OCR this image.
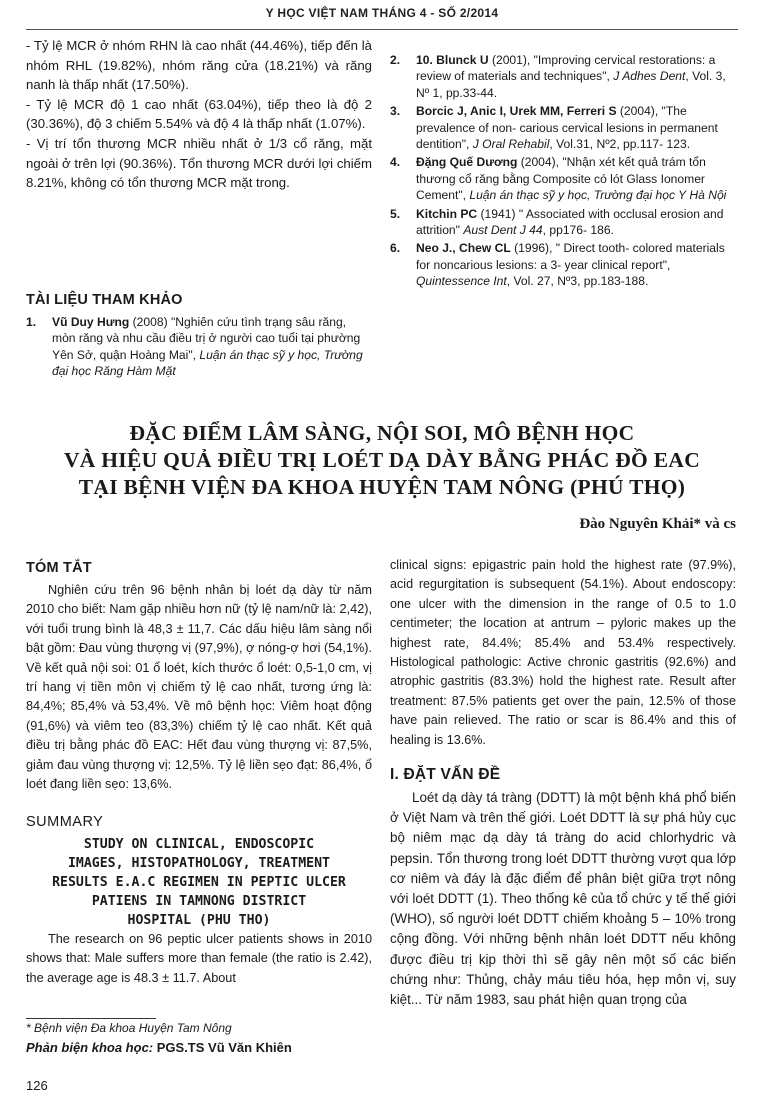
Y HỌC VIỆT NAM THÁNG 4 - SỐ 2/2014

- Tỷ lệ MCR ở nhóm RHN là cao nhất (44.46%), tiếp đến là nhóm RHL (19.82%), nhóm răng cửa (18.21%) và răng nanh là thấp nhất (17.50%).

- Tỷ lệ MCR độ 1 cao nhất (63.04%), tiếp theo là độ 2 (30.36%), độ 3 chiếm 5.54% và độ 4 là thấp nhất (1.07%).

- Vị trí tổn thương MCR nhiều nhất ở 1/3 cổ răng, mặt ngoài ở trên lợi (90.36%). Tổn thương MCR dưới lợi chiếm 8.21%, không có tổn thương MCR mặt trong.

TÀI LIỆU THAM KHẢO

1.	Vũ Duy Hưng (2008) "Nghiên cứu tình trạng sâu răng, mòn răng và nhu cầu điều trị ở người cao tuổi tại phường Yên Sở, quận Hoàng Mai", Luận án thạc sỹ y học, Trường đại học Răng Hàm Mặt
2.	10. Blunck U (2001), "Improving cervical restorations: a review of materials and techniques", J Adhes Dent, Vol. 3, Nº 1, pp.33-44.
3.	Borcic J, Anic I, Urek MM, Ferreri S (2004), "The prevalence of non- carious cervical lesions in permanent dentition", J Oral Rehabil, Vol.31, Nº2, pp.117- 123.
4.	Đặng Quế Dương (2004), "Nhận xét kết quả trám tổn thương cổ răng bằng Composite có lót Glass Ionomer Cement", Luận án thạc sỹ y học, Trường đại học Y Hà Nội
5.	Kitchin PC (1941) " Associated with occlusal erosion and attrition" Aust Dent J 44, pp176- 186.
6.	Neo J., Chew CL (1996), " Direct tooth- colored materials for noncarious lesions: a 3- year clinical report", Quintessence Int, Vol. 27, Nº3, pp.183-188.
ĐẶC ĐIỂM LÂM SÀNG, NỘI SOI, MÔ BỆNH HỌC
VÀ HIỆU QUẢ ĐIỀU TRỊ LOÉT DẠ DÀY BẰNG PHÁC ĐỒ EAC
TẠI BỆNH VIỆN ĐA KHOA HUYỆN TAM NÔNG (PHÚ THỌ)
Đào Nguyên Khải* và cs

TÓM TẮT

Nghiên cứu trên 96 bệnh nhân bị loét dạ dày từ năm 2010 cho biết: Nam gặp nhiều hơn nữ (tỷ lệ nam/nữ là: 2,42), với tuổi trung bình là 48,3 ± 11,7. Các dấu hiệu lâm sàng nổi bật gồm: Đau vùng thượng vị (97,9%), ợ nóng-ợ hơi (54,1%). Về kết quả nội soi: 01 ổ loét, kích thước ổ loét: 0,5-1,0 cm, vị trí hang vị tiền môn vị chiếm tỷ lệ cao nhất, tương ứng là: 84,4%; 85,4% và 53,4%. Về mô bệnh học: Viêm hoạt động (91,6%) và viêm teo (83,3%) chiếm tỷ lệ cao nhất. Kết quả điều trị bằng phác đồ EAC: Hết đau vùng thượng vị: 87,5%, giảm đau vùng thượng vị: 12,5%. Tỷ lệ liền sẹo đạt: 86,4%, ổ loét đang liền sẹo: 13,6%.

SUMMARY

STUDY ON CLINICAL, ENDOSCOPIC
IMAGES, HISTOPATHOLOGY, TREATMENT
RESULTS E.A.C REGIMEN IN PEPTIC ULCER
PATIENS IN TAMNONG DISTRICT
HOSPITAL (PHU THO)

The research on 96 peptic ulcer patients shows in 2010 shows that: Male suffers more than female (the ratio is 2.42), the average age is 48.3 ± 11.7. About

* Bệnh viện Đa khoa Huyện Tam Nông
Phản biện khoa học: PGS.TS Vũ Văn Khiên
126

clinical signs: epigastric pain hold the highest rate (97.9%), acid regurgitation is subsequent (54.1%). About endoscopy: one ulcer with the dimension in the range of 0.5 to 1.0 centimeter; the location at antrum – pyloric makes up the highest rate, 84.4%; 85.4% and 53.4% respectively. Histological pathologic: Active chronic gastritis (92.6%) and atrophic gastritis (83.3%) hold the highest rate. Result after treatment: 87.5% patients get over the pain, 12.5% of those have pain relieved. The ratio or scar is 86.4% and this of healing is 13.6%.

I. ĐẶT VẤN ĐỀ

Loét dạ dày tá tràng (DDTT) là một bệnh khá phổ biến ở Việt Nam và trên thế giới. Loét DDTT là sự phá hủy cục bộ niêm mạc dạ dày tá tràng do acid chlorhydric và pepsin. Tổn thương trong loét DDTT thường vượt qua lớp cơ niêm và đáy là đặc điểm để phân biệt giữa trợt nông với loét DDTT (1). Theo thống kê của tổ chức y tế thế giới (WHO), số người loét DDTT chiếm khoảng 5 – 10% trong cộng đồng. Với những bệnh nhân loét DDTT nếu không được điều trị kịp thời thì sẽ gây nên một số các biến chứng như: Thủng, chảy máu tiêu hóa, hẹp môn vị, suy kiệt... Từ năm 1983, sau phát hiện quan trọng của
